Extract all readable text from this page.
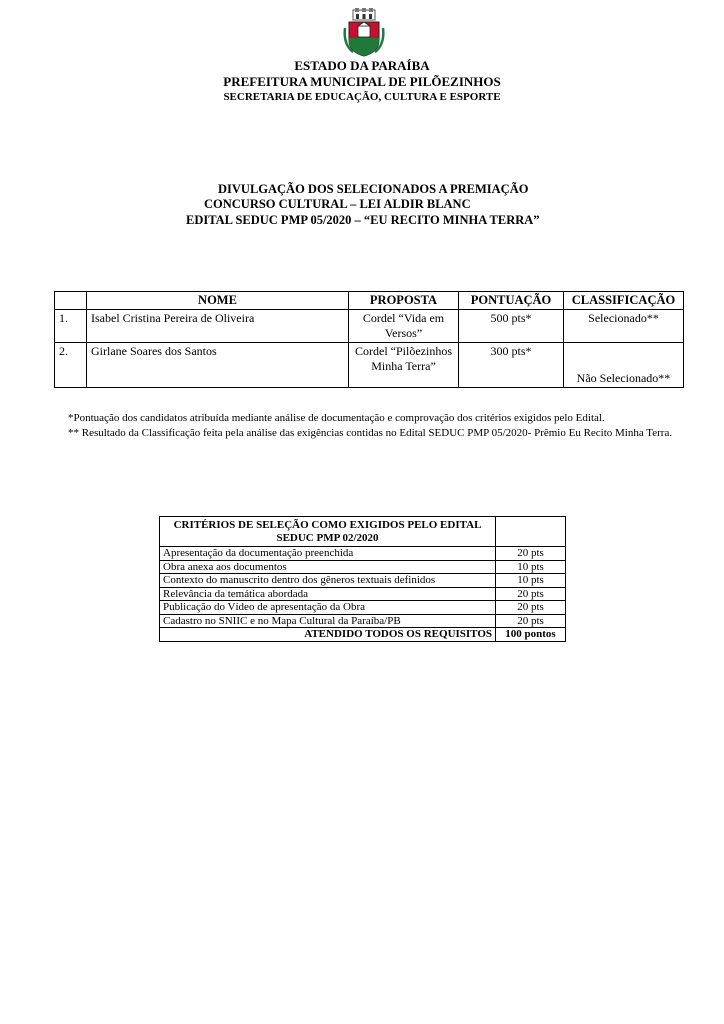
ESTADO DA PARAÍBA
PREFEITURA MUNICIPAL DE PILÕEZINHOS
SECRETARIA DE EDUCAÇÃO, CULTURA E ESPORTE
DIVULGAÇÃO DOS SELECIONADOS A PREMIAÇÃO
CONCURSO CULTURAL – LEI ALDIR BLANC
EDITAL SEDUC PMP 05/2020 – “EU RECITO MINHA TERRA”
	NOME	PROPOSTA	PONTUAÇÃO	CLASSIFICAÇÃO
1.	Isabel Cristina Pereira de Oliveira	Cordel “Vida em Versos”	500 pts*	Selecionado**
2.	Girlane Soares dos Santos	Cordel “Pilõezinhos Minha Terra”	300 pts*	Não Selecionado**
*Pontuação dos candidatos atribuída mediante análise de documentação e comprovação dos critérios exigidos pelo Edital.
** Resultado da Classificação feita pela análise das exigências contidas no Edital SEDUC PMP 05/2020- Prêmio Eu Recito Minha Terra.
CRITÉRIOS DE SELEÇÃO COMO EXIGIDOS PELO EDITAL SEDUC PMP 02/2020	
Apresentação da documentação preenchida	20 pts
Obra anexa aos documentos	10 pts
Contexto do manuscrito dentro dos gêneros textuais definidos	10 pts
Relevância da temática abordada	20 pts
Publicação do Vídeo de apresentação da Obra	20 pts
Cadastro no SNIIC e no Mapa Cultural da Paraíba/PB	20 pts
ATENDIDO TODOS OS REQUISITOS	100 pontos
